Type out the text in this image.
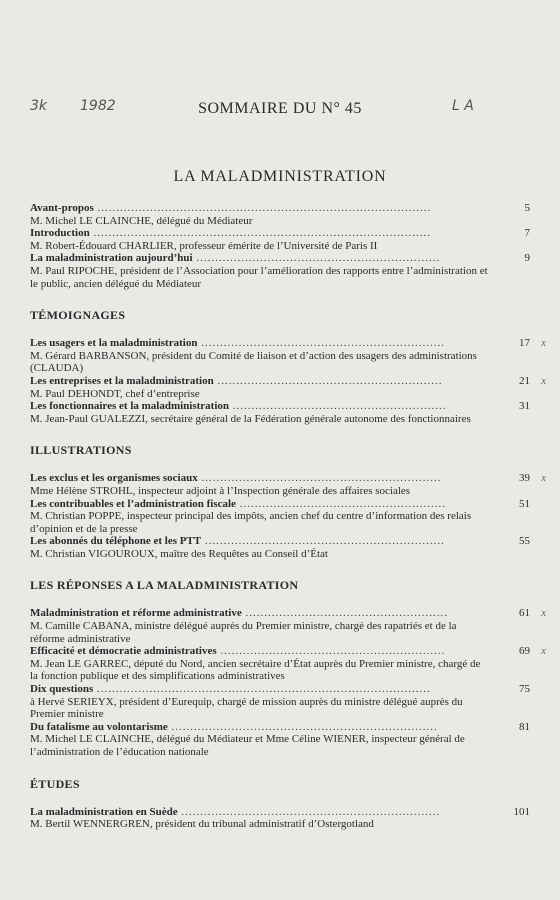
3k 1982	L A
SOMMAIRE DU N° 45
LA MALADMINISTRATION
Avant-propos .........................................................................................	5
M. Michel LE CLAINCHE, délégué du Médiateur
Introduction ..........................................................................................	7
M. Robert-Édouard CHARLIER, professeur émérite de l’Université de Paris II
La maladministration aujourd’hui .................................................................	9
M. Paul RIPOCHE, président de l’Association pour l’amélioration des rapports entre l’administration et le public, ancien délégué du Médiateur
TÉMOIGNAGES
Les usagers et la maladministration .................................................................	17 x
M. Gérard BARBANSON, président du Comité de liaison et d’action des usagers des administrations (CLAUDA)
Les entreprises et la maladministration ............................................................	21 x
M. Paul DEHONDT, chef d’entreprise
Les fonctionnaires et la maladministration .........................................................	31
M. Jean-Paul GUALEZZI, secrétaire général de la Fédération générale autonome des fonctionnaires
ILLUSTRATIONS
Les exclus et les organismes sociaux ................................................................	39 x
Mme Hélène STROHL, inspecteur adjoint à l’Inspection générale des affaires sociales
Les contribuables et l’administration fiscale .......................................................	51
M. Christian POPPE, inspecteur principal des impôts, ancien chef du centre d’information des relais d’opinion et de la presse
Les abonnés du téléphone et les PTT ................................................................	55
M. Christian VIGOUROUX, maître des Requêtes au Conseil d’État
LES RÉPONSES A LA MALADMINISTRATION
Maladministration et réforme administrative ......................................................	61 x
M. Camille CABANA, ministre délégué auprès du Premier ministre, chargé des rapatriés et de la réforme administrative
Efficacité et démocratie administratives ............................................................	69 x
M. Jean LE GARREC, député du Nord, ancien secrétaire d’État auprès du Premier ministre, chargé de la fonction publique et des simplifications administratives
Dix questions .........................................................................................	75
à Hervé SERIEYX, président d’Eurequip, chargé de mission auprès du ministre délégué auprès du Premier ministre
Du fatalisme au volontarisme .......................................................................	81
M. Michel LE CLAINCHE, délégué du Médiateur et Mme Céline WIENER, inspecteur général de l’administration de l’éducation nationale
ÉTUDES
La maladministration en Suède .....................................................................	101
M. Bertil WENNERGREN, président du tribunal administratif d’Ostergotland
